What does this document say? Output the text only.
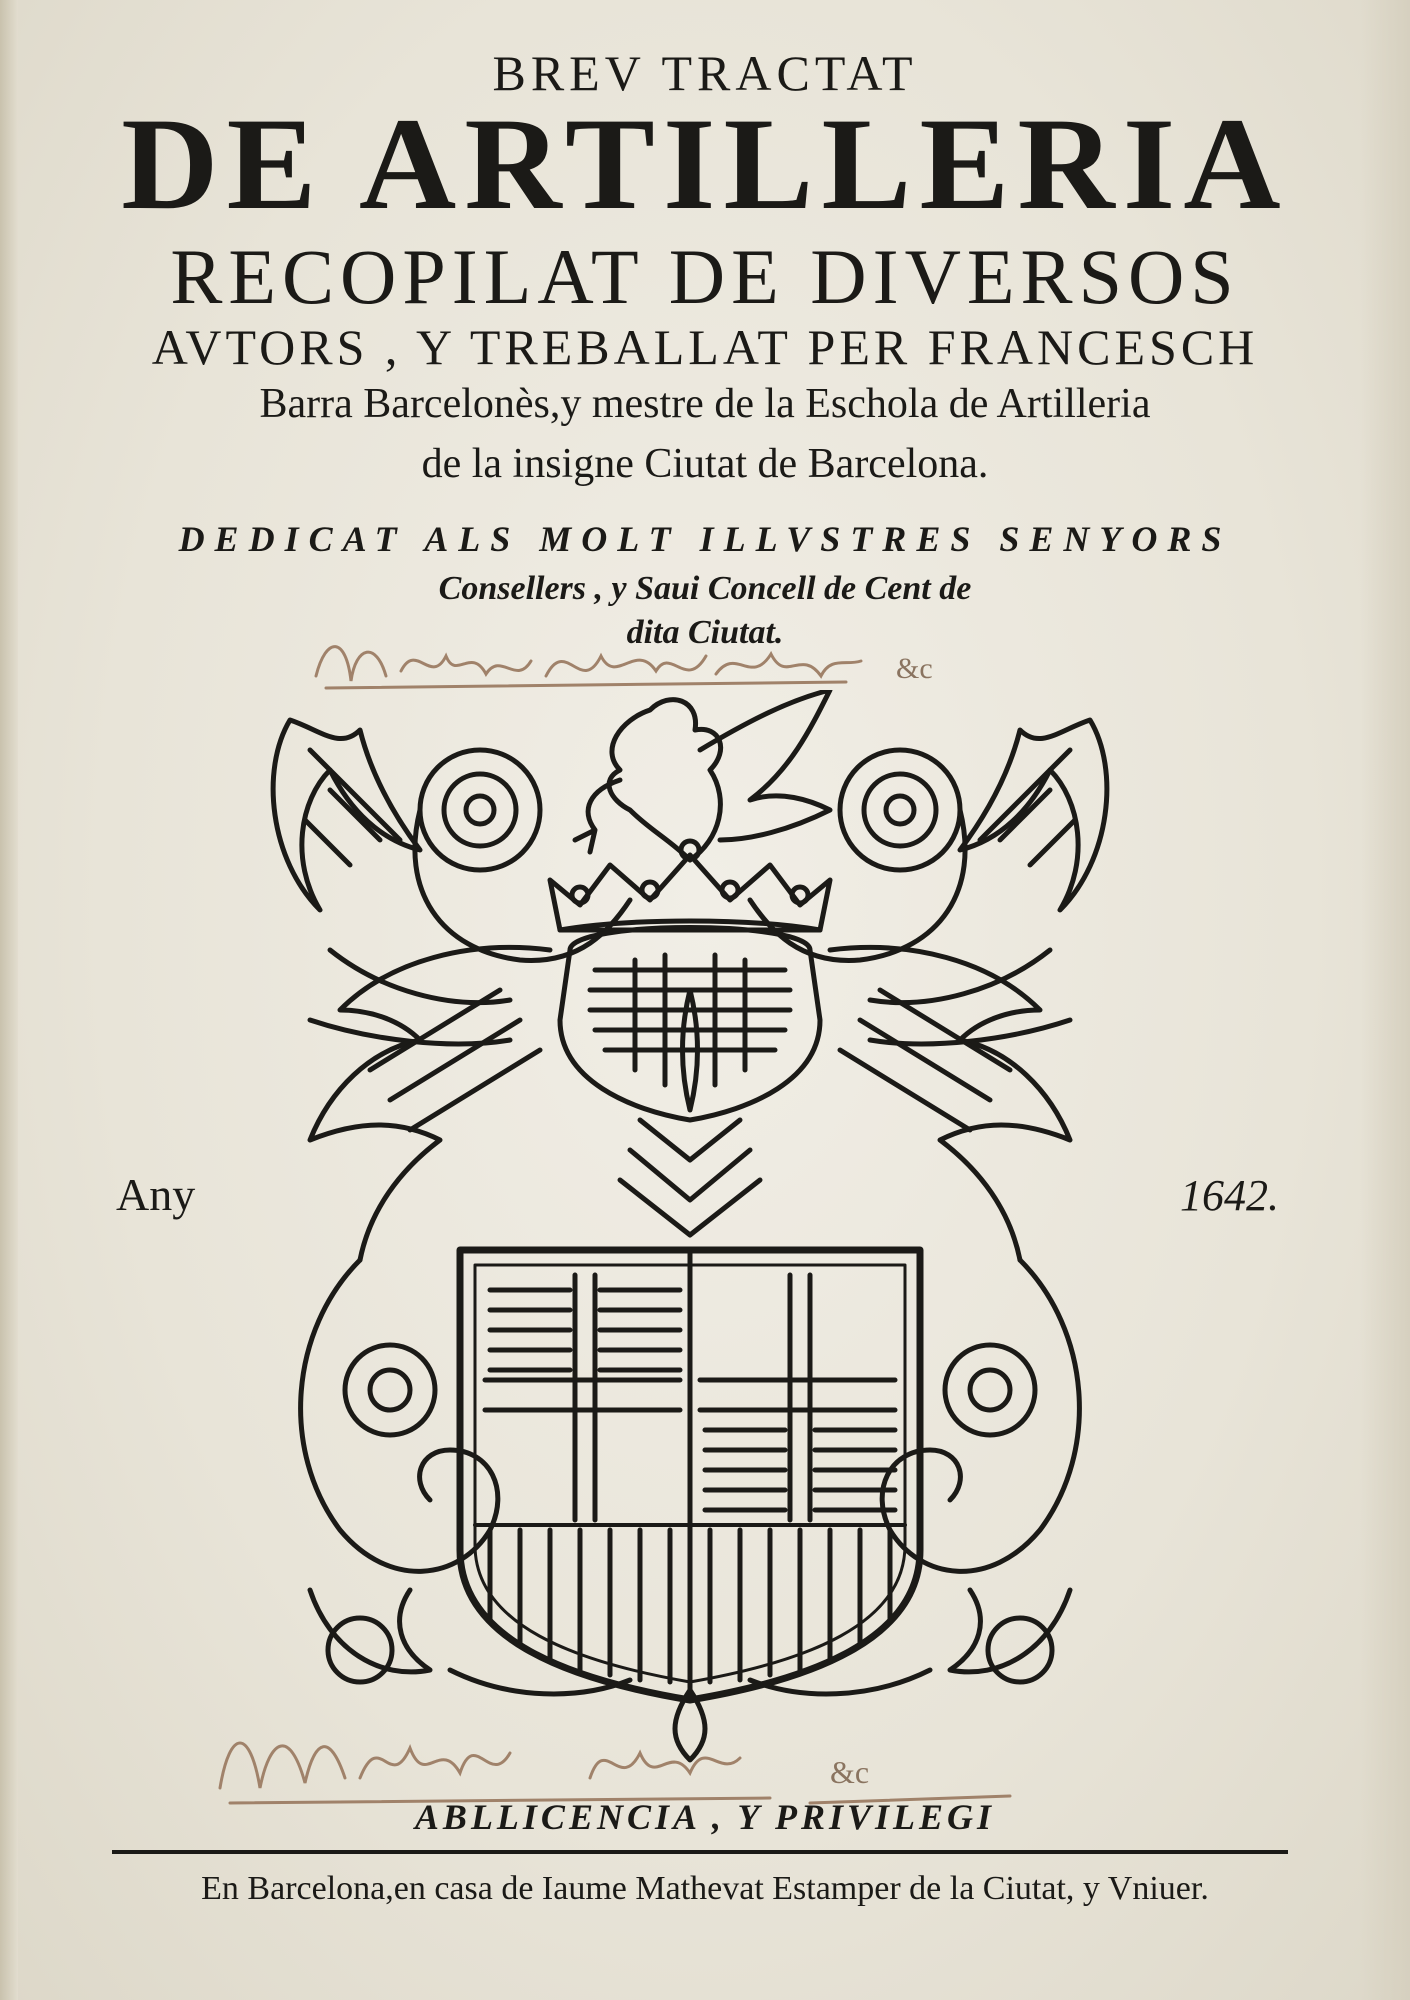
BREV TRACTAT
DE ARTILLERIA
RECOPILAT DE DIVERSOS
AVTORS , Y TREBALLAT PER FRANCESCH
Barra Barcelonès,y mestre de la Eschola de Artilleria
de la insigne Ciutat de Barcelona.
DEDICAT ALS MOLT ILLVSTRES SENYORS
Consellers , y Saui Concell de Cent de
dita Ciutat.
&c
Any	1642.
&c
ABLLICENCIA , Y PRIVILEGI
En Barcelona,en casa de Iaume Mathevat Estamper de la Ciutat, y Vniuer.
